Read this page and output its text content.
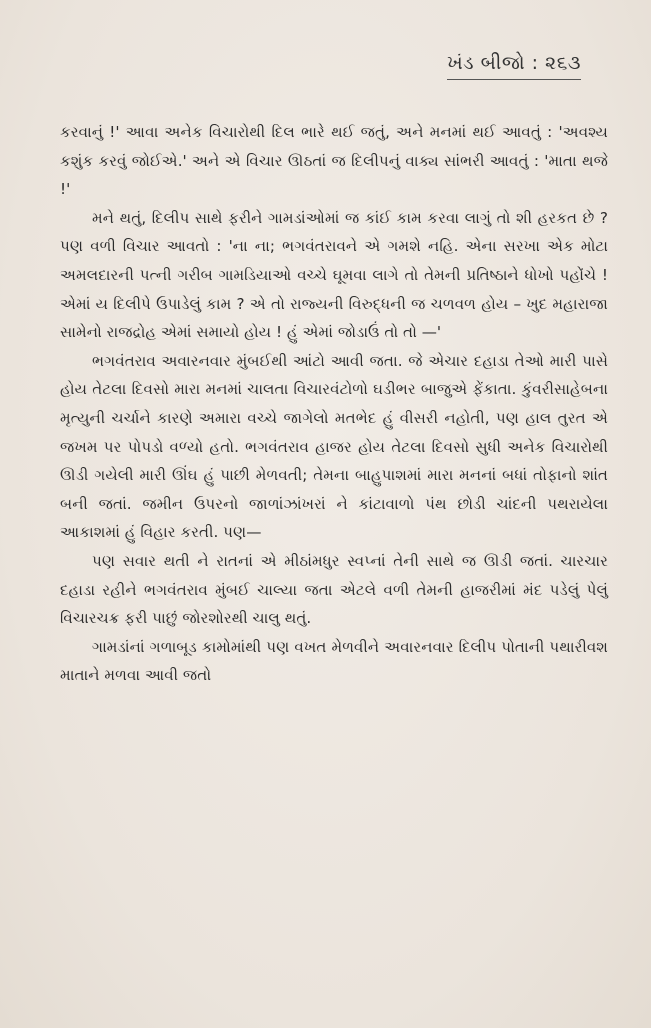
ખંડ બીજો : ૨૬૩

કરવાનું !' આવા અનેક વિચારોથી દિલ ભારે થઈ જતું, અને મનમાં થઈ આવતું : 'અવશ્ય કશુંક કરવું જોઈએ.' અને એ વિચાર ઊઠતાં જ દિલીપનું વાક્ય સાંભરી આવતું : 'માતા થજે !'

મને થતું, દિલીપ સાથે ફરીને ગામડાંઓમાં જ કાંઈ કામ કરવા લાગું તો શી હરકત છે ? પણ વળી વિચાર આવતો : 'ના ના; ભગવંતરાવને એ ગમશે નહિ. એના સરખા એક મોટા અમલદારની પત્ની ગરીબ ગામડિયાઓ વચ્ચે ઘૂમવા લાગે તો તેમની પ્રતિષ્ઠાને ધોખો પહોંચે ! એમાં ય દિલીપે ઉપાડેલું કામ ? એ તો રાજ્યની વિરુદ્ધની જ ચળવળ હોય – ખુદ મહારાજા સામેનો રાજદ્રોહ એમાં સમાયો હોય ! હું એમાં જોડાઉં તો તો —'

ભગવંતરાવ અવારનવાર મુંબઈથી આંટો આવી જતા. જે એચાર દહાડા તેઓ મારી પાસે હોય તેટલા દિવસો મારા મનમાં ચાલતા વિચારવંટોળો ઘડીભર બાજુએ ફેંકાતા. કુંવરીસાહેબના મૃત્યુની ચર્ચાને કારણે અમારા વચ્ચે જાગેલો મતભેદ હું વીસરી નહોતી, પણ હાલ તુરત એ જખમ પર પોપડો વળ્યો હતો. ભગવંતરાવ હાજર હોય તેટલા દિવસો સુધી અનેક વિચારોથી ઊડી ગયેલી મારી ઊંઘ હું પાછી મેળવતી; તેમના બાહુપાશમાં મારા મનનાં બધાં તોફાનો શાંત બની જતાં. જમીન ઉપરનો જાળાંઝાંખરાં ને કાંટાવાળો પંથ છોડી ચાંદની પથરાયેલા આકાશમાં હું વિહાર કરતી. પણ—

પણ સવાર થતી ને રાતનાં એ મીઠાંમધુર સ્વપ્નાં તેની સાથે જ ઊડી જતાં. ચારચાર દહાડા રહીને ભગવંતરાવ મુંબઈ ચાલ્યા જતા એટલે વળી તેમની હાજરીમાં મંદ પડેલું પેલું વિચારચક્ર ફરી પાછું જોરશોરથી ચાલુ થતું.

ગામડાંનાં ગળાબૂડ કામોમાંથી પણ વખત મેળવીને અવારનવાર દિલીપ પોતાની પથારીવશ માતાને મળવા આવી જતો
